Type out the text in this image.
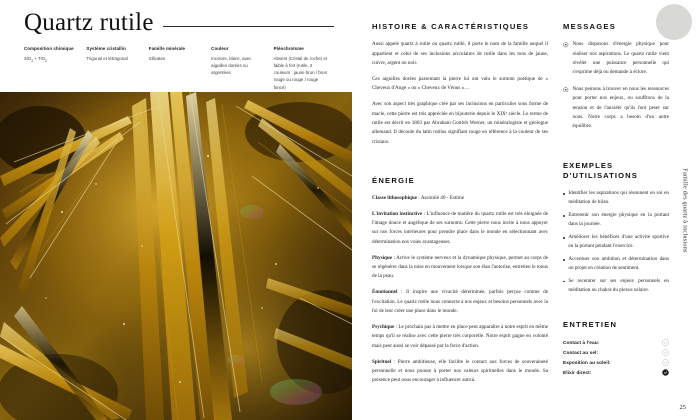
Quartz rutile
Composition chimique
SiO$_2$ + TiO$_2$
Système cristallin
Trigonal et tétragonal
Famille minérale
Silicates
Couleur
Incolore, blanc, avec aiguilles dorées ou argentées
Pléochroïsme
Absent (Cristal de roche) et faible à fort (rutile, 2 couleurs : jaune brun / brun rouge ou rouge / rouge foncé)
HISTOIRE & CARACTÉRISTIQUES
Aussi appelé quartz à rutile ou quartz rutilé, il porte le nom de la famille auquel il appartient et celui de ses inclusions aciculaires de rutile dans les tons de jaune, cuivre, argent ou noir.
Ces aiguilles dorées parsemant la pierre lui ont valu le surnom poétique de « Cheveux d'Ange » ou « Cheveux de Vénus »…
Avec son aspect très graphique créé par ses inclusions en particulier sous forme de macle, cette pierre est très appréciée en bijouterie depuis le XIXᵉ siècle. Le terme de rutile est décrit en 1803 par Abraham Gottlob Werner, un minéralogiste et géologue allemand. Il découle du latin rutilus signifiant rouge en référence à la couleur de ses cristaux.
ÉNERGIE
Classe lithosophique : Assimilé 40 - Estime
L'invitation instinctive : L'influence de matière du quartz rutile est très éloignée de l'image douce et angélique de ses surnoms. Cette pierre nous invite à nous appuyer sur nos forces intérieures pour prendre place dans le monde en sélectionnant avec détermination nos voies avantageuses.
Physique : Active le système nerveux et la dynamique physique, permet au corps de se régénérer dans la mise en mouvement lorsque son élan l'autorise, entretien le tonus de la peau.
Émotionnel : Il inspire une vivacité déterminée, parfois perçue comme de l'excitation. Le quartz rutile nous connecte à nos enjeux et besoins personnels avec la foi de leur créer une place dans le monde.
Psychique : Le prochain pas à mettre en place peut apparaître à notre esprit en même temps qu'il se réalise avec cette pierre très corporelle. Notre esprit gagne en volonté mais peut aussi se voir dépassé par la force d'action.
Spirituel : Pierre ambitieuse, elle facilite le contact aux forces de souveraineté personnelle et nous pousse à porter nos valeurs spirituelles dans le monde. Sa présence peut nous encourager à influencer autrui.
MESSAGES
Nous disposons d'énergie physique pour réaliser nos aspirations. Le quartz rutile vient révéler une puissance personnelle qui s'exprime déjà ou demande à éclore.
Nous peinons à trouver en nous les ressources pour porter nos enjeux, ou souffrons de la tension et de l'anxiété qu'ils font peser sur nous. Notre corps a besoin d'un autre équilibre.
EXEMPLES
D'UTILISATIONS
Identifier les aspirations qui résonnent en soi en méditation de bilan.
Entretenir son énergie physique en la portant dans la journée.
Améliorer les bénéfices d'une activité sportive en la portant pendant l'exercice.
Accentuer son ambition et détermination dans un projet en création de sentiment.
Se recentrer sur ses enjeux personnels en méditation au chakra du plexus solaire.
ENTRETIEN
Contact à l'eau:
Contact au sel:
Exposition au soleil:
Élixir direct:
Famille des quartz à inclusions
25
